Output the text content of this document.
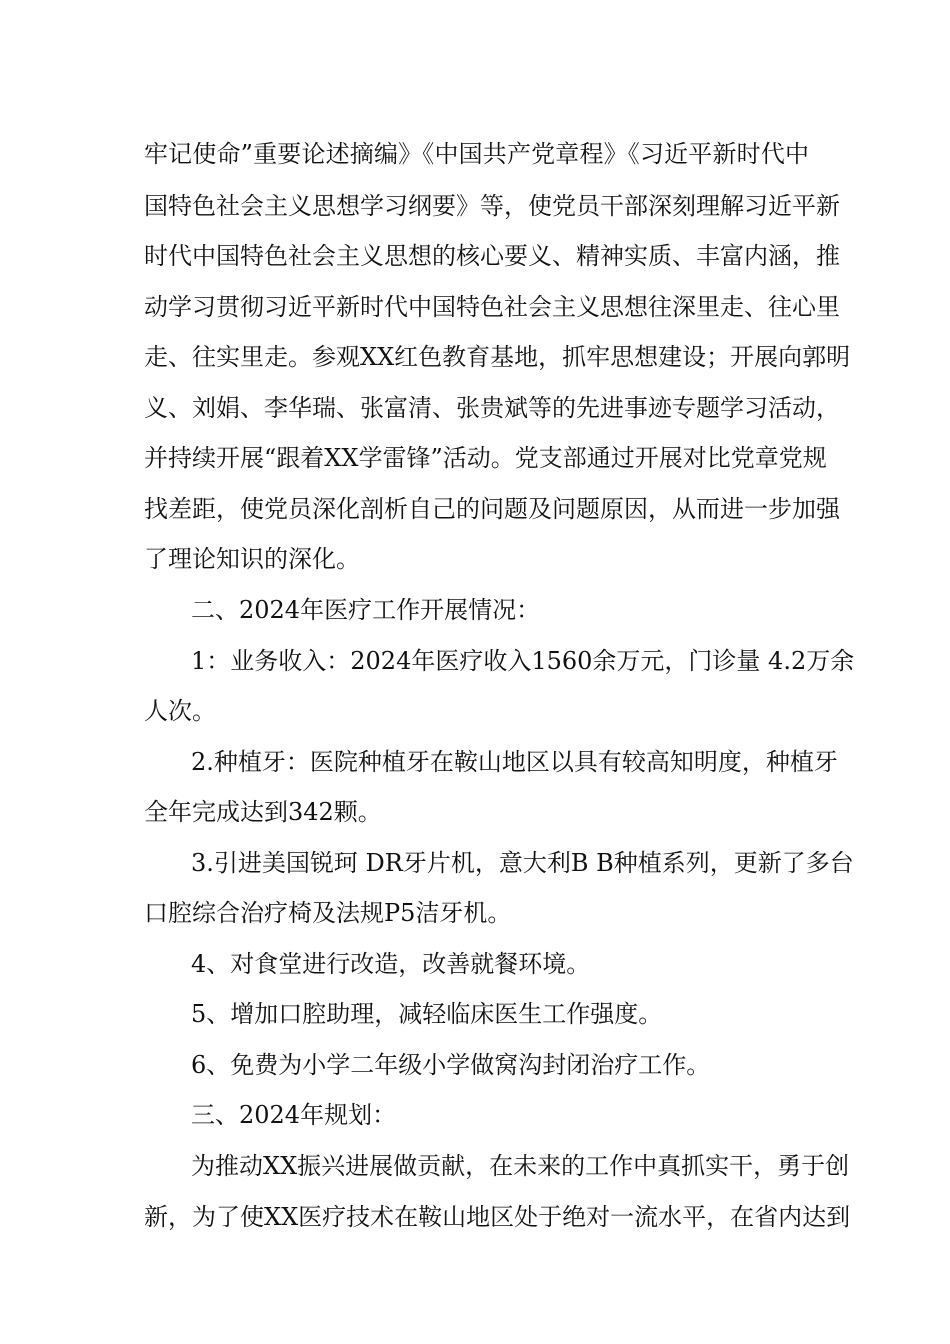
牢记使命”重要论述摘编》《中国共产党章程》《习近平新时代中
国特色社会主义思想学习纲要》等，使党员干部深刻理解习近平新
时代中国特色社会主义思想的核心要义、精神实质、丰富内涵，推
动学习贯彻习近平新时代中国特色社会主义思想往深里走、往心里
走、往实里走。参观XX红色教育基地，抓牢思想建设；开展向郭明
义、刘娟、李华瑞、张富清、张贵斌等的先进事迹专题学习活动，
并持续开展“跟着XX学雷锋”活动。党支部通过开展对比党章党规
找差距，使党员深化剖析自己的问题及问题原因，从而进一步加强
了理论知识的深化。
二、2024年医疗工作开展情况：
1：业务收入：2024年医疗收入1560余万元，门诊量 4.2万余
人次。
2.种植牙：医院种植牙在鞍山地区以具有较高知明度，种植牙
全年完成达到342颗。
3.引进美国锐珂 DR牙片机，意大利B B种植系列，更新了多台
口腔综合治疗椅及法规P5洁牙机。
4、对食堂进行改造，改善就餐环境。
5、增加口腔助理，减轻临床医生工作强度。
6、免费为小学二年级小学做窝沟封闭治疗工作。
三、2024年规划：
为推动XX振兴进展做贡献，在未来的工作中真抓实干，勇于创
新，为了使XX医疗技术在鞍山地区处于绝对一流水平，在省内达到
